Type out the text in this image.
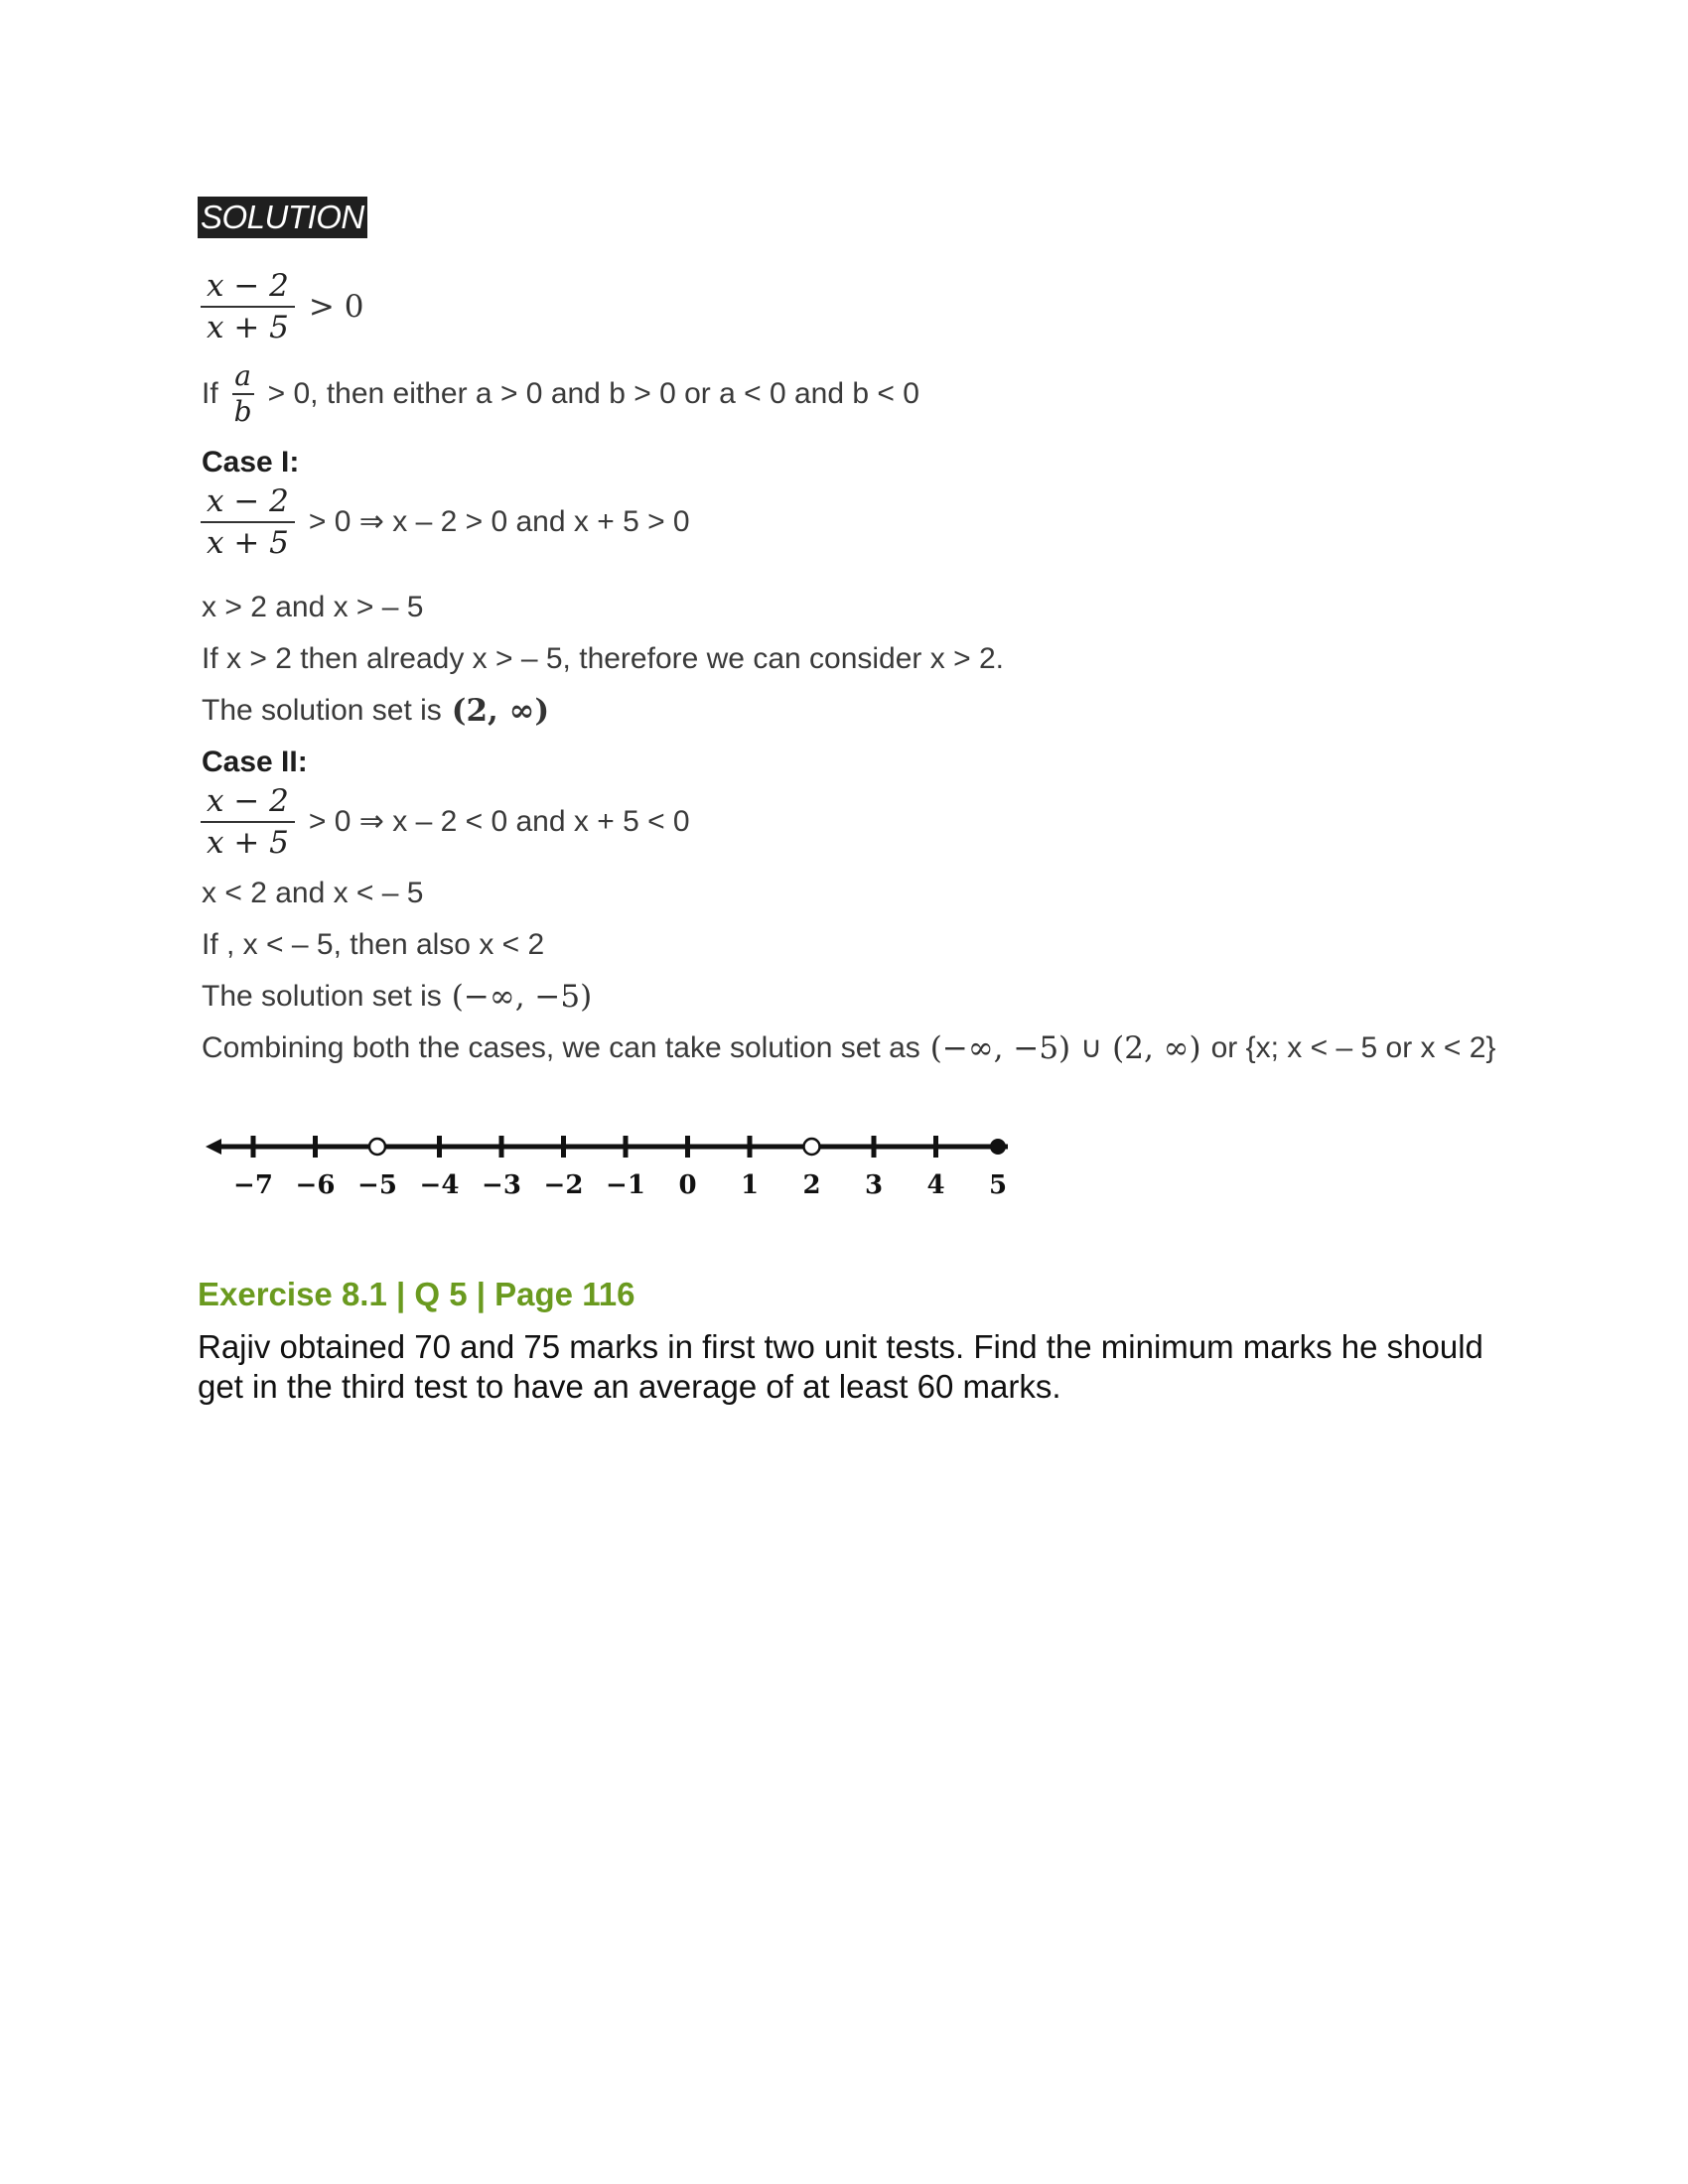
SOLUTION
$\frac{x - 2}{x + 5} > 0$
If $\frac{a}{b} > 0$, then either a > 0 and b > 0 or a < 0 and b < 0
Case I:
$\frac{x - 2}{x + 5} > 0$ ⇒ x – 2 > 0 and x + 5 > 0
x > 2 and x > – 5
If x > 2 then already x > – 5, therefore we can consider x > 2.
The solution set is (2, ∞)
Case II:
$\frac{x - 2}{x + 5} > 0$ ⇒ x – 2 < 0 and x + 5 < 0
x < 2 and x < – 5
If , x < – 5, then also x < 2
The solution set is (−∞, −5)
Combining both the cases, we can take solution set as (−∞, −5) ∪ (2, ∞) or {x; x < – 5 or x < 2}
−7 −6 −5 −4 −3 −2 −1 0 1 2 3 4 5
Exercise 8.1 | Q 5 | Page 116
Rajiv obtained 70 and 75 marks in first two unit tests. Find the minimum marks he should get in the third test to have an average of at least 60 marks.
